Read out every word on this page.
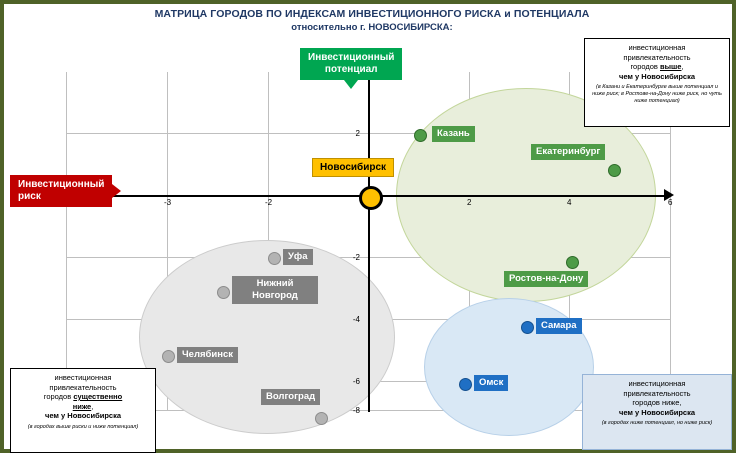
МАТРИЦА ГОРОДОВ ПО ИНДЕКСАМ ИНВЕСТИЦИОННОГО РИСКА и ПОТЕНЦИАЛА
относительно г. НОВОСИБИРСКА:
-3	-2	2	4	6
2
-2
-4
-6
-8
Инвестиционный
потенциал
Инвестиционный
риск
Казань
Екатеринбург
Ростов-на-Дону
Новосибирск
Уфа
Нижний
Новгород
Челябинск
Волгоград
Самара
Омск
инвестиционная
привлекательность
городов выше,
чем у Новосибирска
(в Казани и Екатеринбурге выше потенциал и ниже риск; в Ростове-на-Дону ниже риск, но чуть ниже потенциал)
инвестиционная
привлекательность
городов существенно
ниже,
чем у Новосибирска
(в городах выше риски и ниже потенциал)
инвестиционная
привлекательность
городов ниже,
чем у Новосибирска
(в городах ниже потенциал, но ниже риск)
